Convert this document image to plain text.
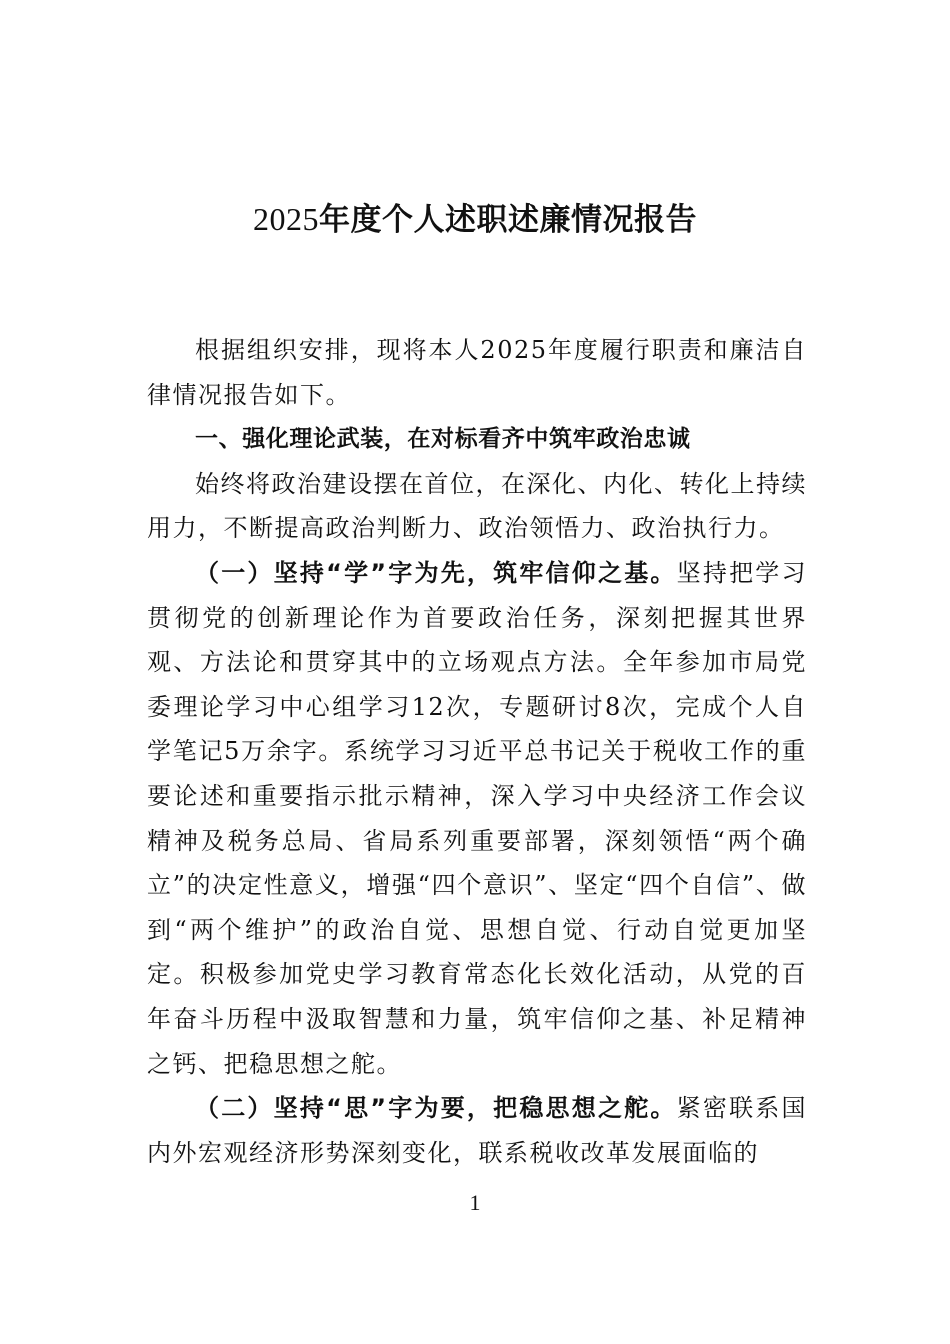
2025年度个人述职述廉情况报告

根据组织安排，现将本人2025年度履行职责和廉洁自律情况报告如下。

一、强化理论武装，在对标看齐中筑牢政治忠诚

始终将政治建设摆在首位，在深化、内化、转化上持续用力，不断提高政治判断力、政治领悟力、政治执行力。

（一）坚持“学”字为先，筑牢信仰之基。坚持把学习贯彻党的创新理论作为首要政治任务，深刻把握其世界观、方法论和贯穿其中的立场观点方法。全年参加市局党委理论学习中心组学习12次，专题研讨8次，完成个人自学笔记5万余字。系统学习习近平总书记关于税收工作的重要论述和重要指示批示精神，深入学习中央经济工作会议精神及税务总局、省局系列重要部署，深刻领悟“两个确立”的决定性意义，增强“四个意识”、坚定“四个自信”、做到“两个维护”的政治自觉、思想自觉、行动自觉更加坚定。积极参加党史学习教育常态化长效化活动，从党的百年奋斗历程中汲取智慧和力量，筑牢信仰之基、补足精神之钙、把稳思想之舵。

（二）坚持“思”字为要，把稳思想之舵。紧密联系国内外宏观经济形势深刻变化，联系税收改革发展面临的

1
